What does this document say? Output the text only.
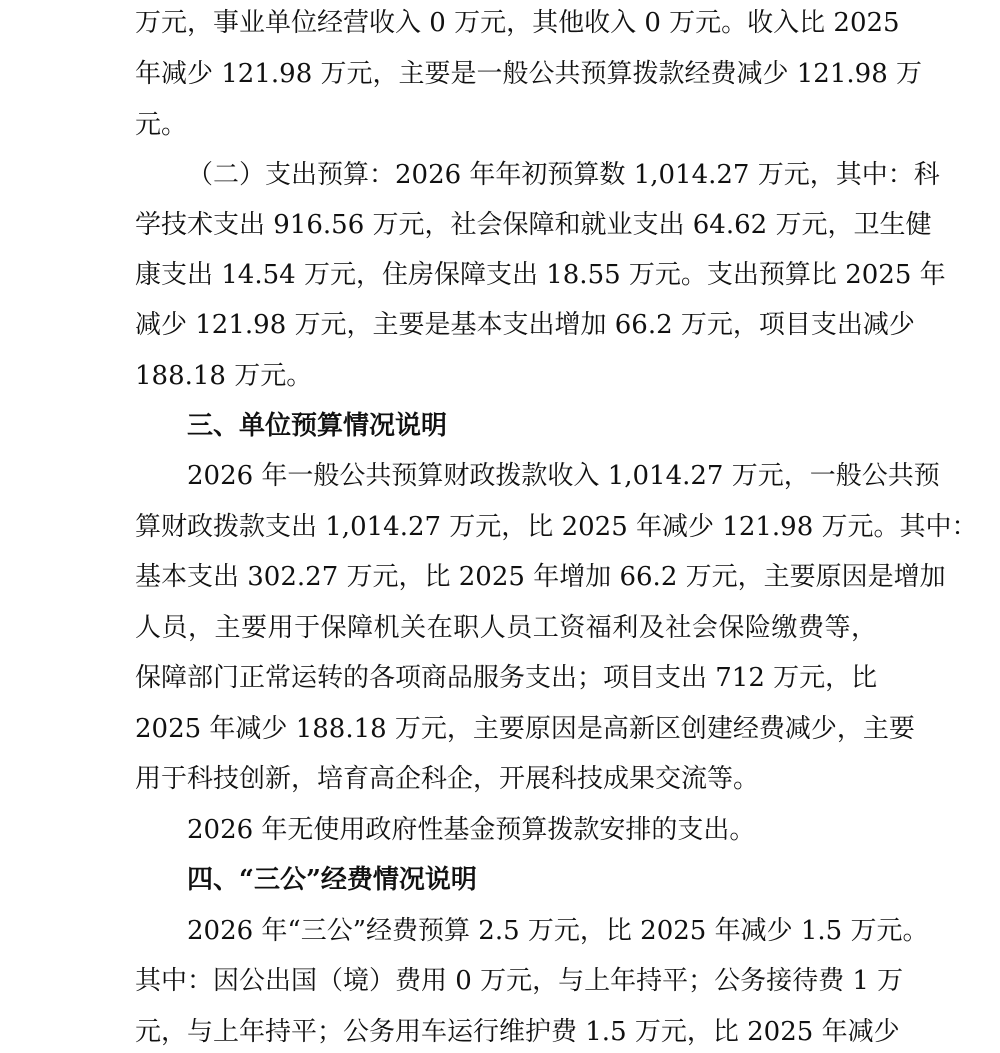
万元，事业单位经营收入 0 万元，其他收入 0 万元。收入比 2025
年减少 121.98 万元，主要是一般公共预算拨款经费减少 121.98 万
元。
（二）支出预算：2026 年年初预算数 1,014.27 万元，其中：科
学技术支出 916.56 万元，社会保障和就业支出 64.62 万元，卫生健
康支出 14.54 万元，住房保障支出 18.55 万元。支出预算比 2025 年
减少 121.98 万元，主要是基本支出增加 66.2 万元，项目支出减少
188.18 万元。
三、单位预算情况说明
2026 年一般公共预算财政拨款收入 1,014.27 万元，一般公共预
算财政拨款支出 1,014.27 万元，比 2025 年减少 121.98 万元。其中：
基本支出 302.27 万元，比 2025 年增加 66.2 万元，主要原因是增加
人员，主要用于保障机关在职人员工资福利及社会保险缴费等，
保障部门正常运转的各项商品服务支出；项目支出 712 万元，比
2025 年减少 188.18 万元，主要原因是高新区创建经费减少，主要
用于科技创新，培育高企科企，开展科技成果交流等。
2026 年无使用政府性基金预算拨款安排的支出。
四、“三公”经费情况说明
2026 年“三公”经费预算 2.5 万元，比 2025 年减少 1.5 万元。
其中：因公出国（境）费用 0 万元，与上年持平；公务接待费 1 万
元，与上年持平；公务用车运行维护费 1.5 万元，比 2025 年减少
